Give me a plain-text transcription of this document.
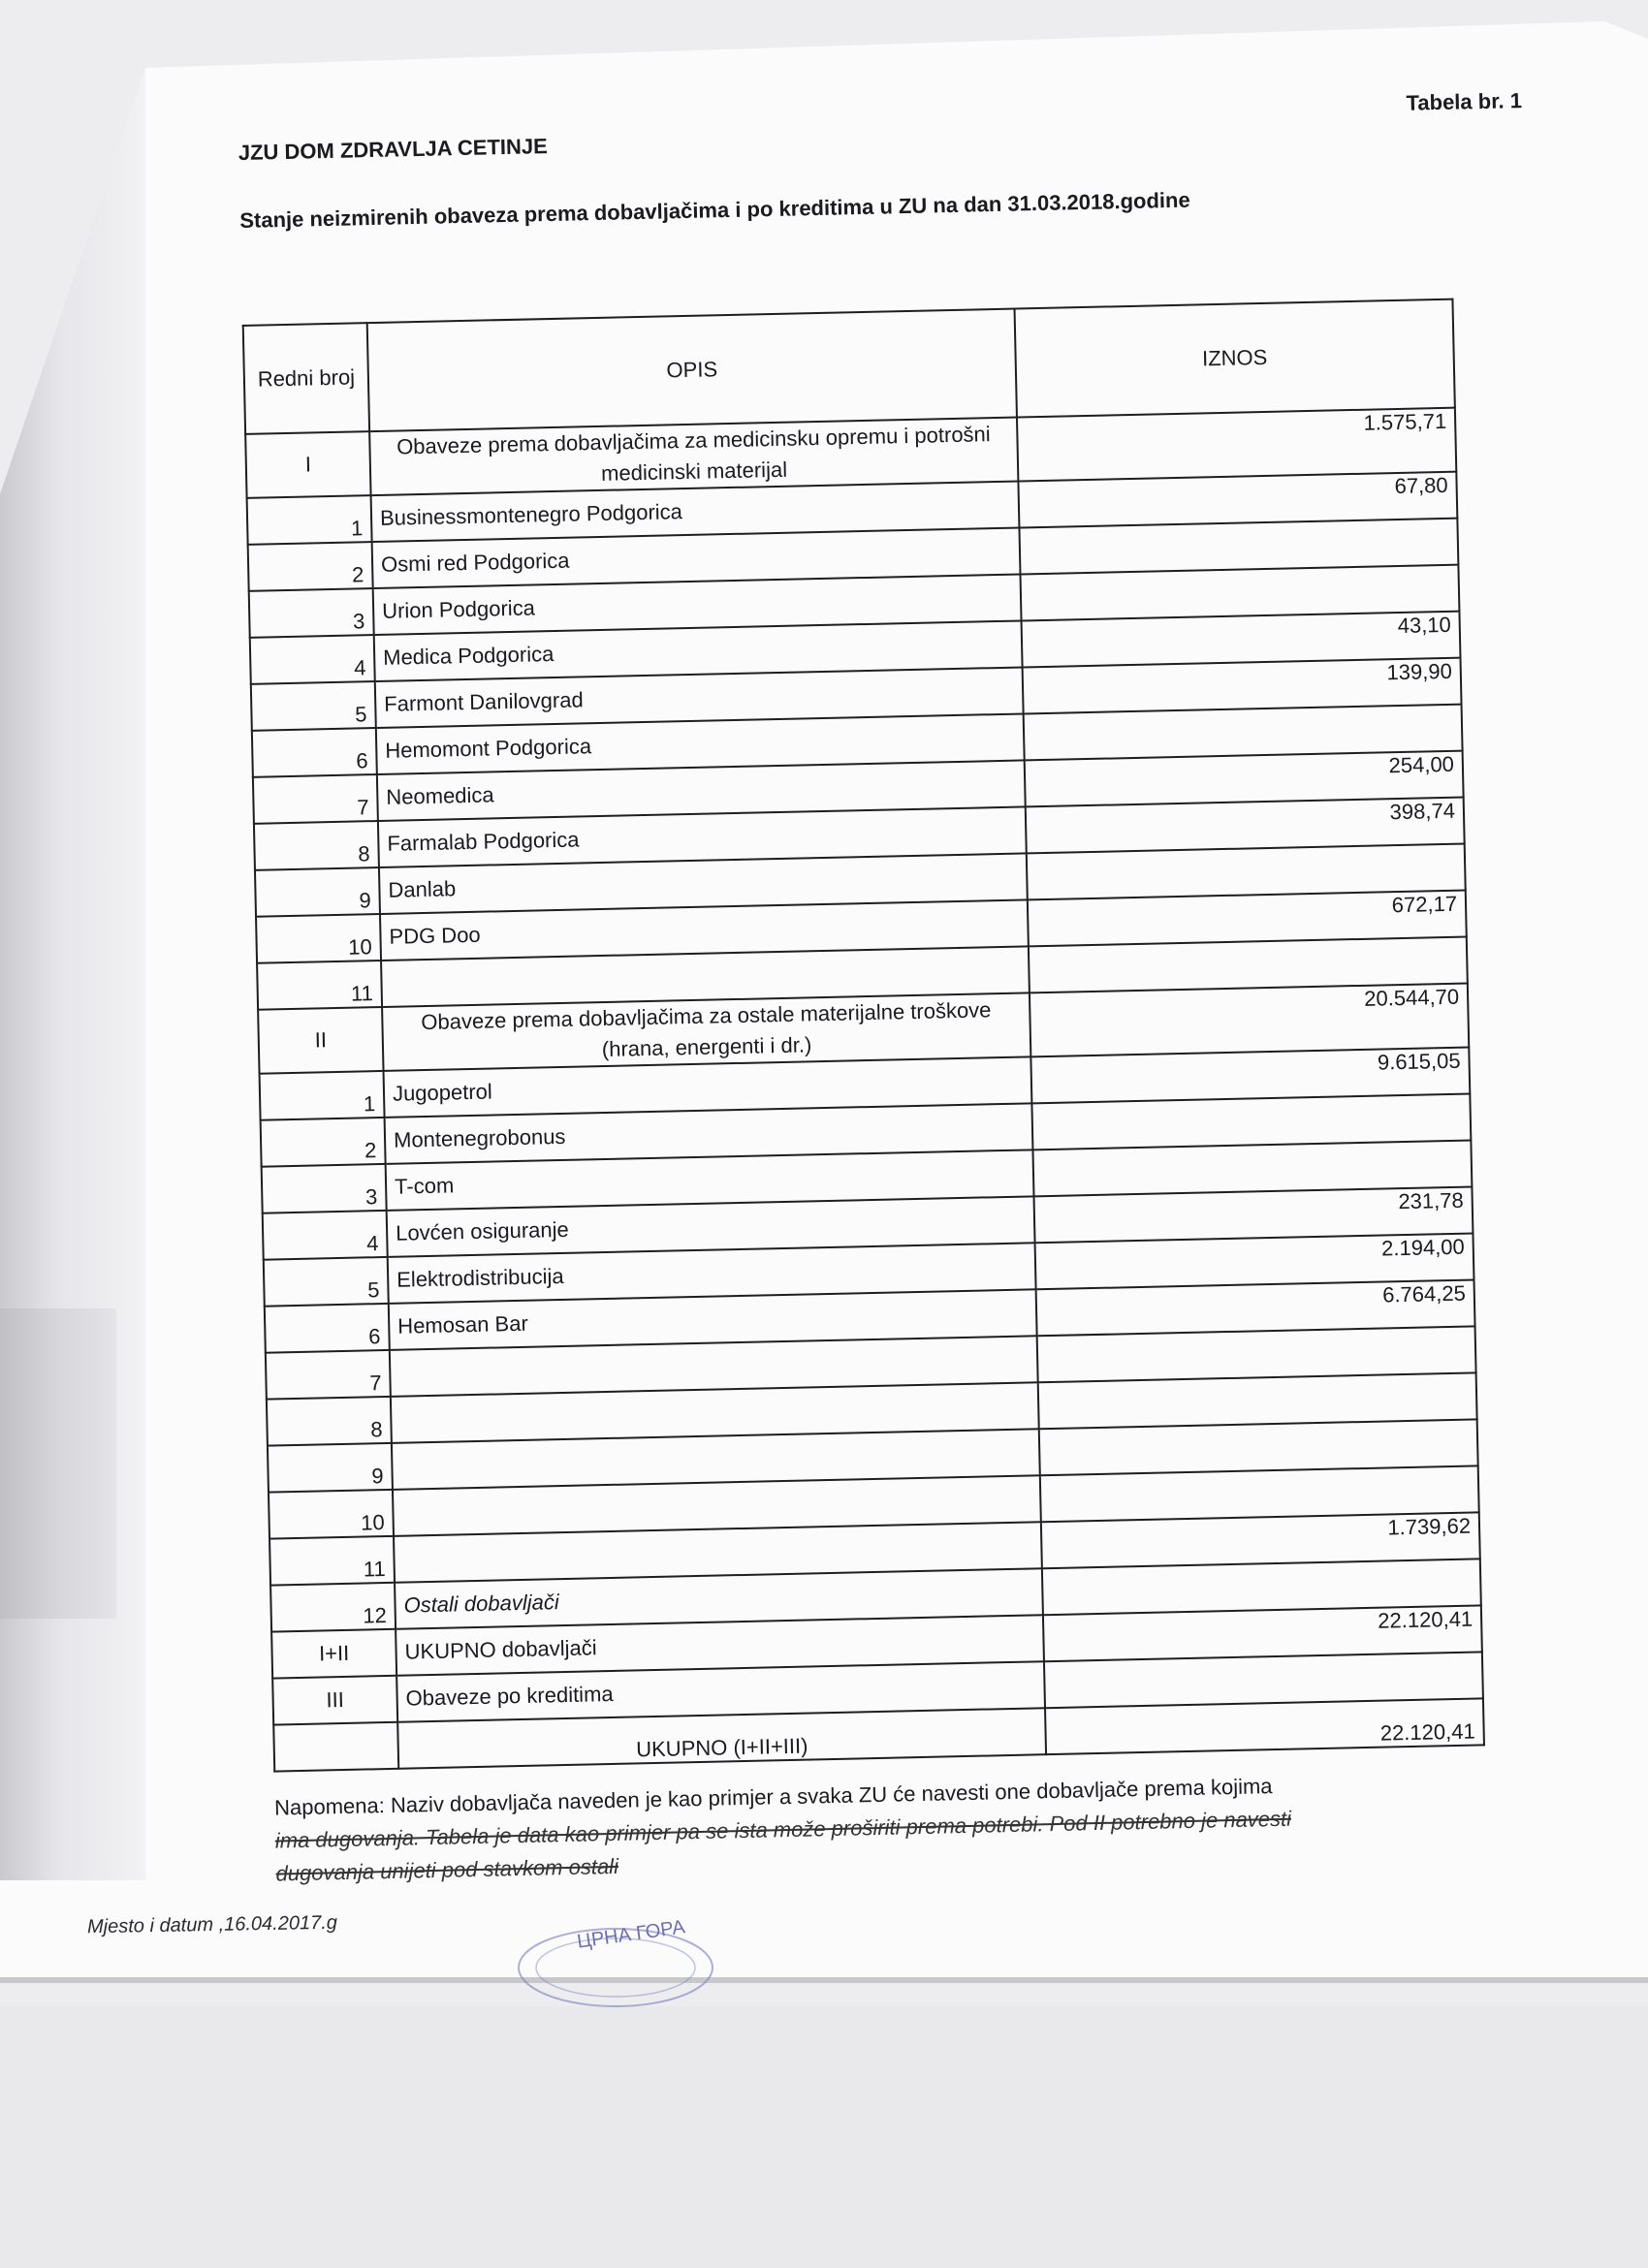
JZU DOM ZDRAVLJA CETINJE
Tabela br. 1
Stanje neizmirenih obaveza prema dobavljačima i po kreditima u ZU na dan 31.03.2018.godine
Redni broj	OPIS	IZNOS
I	Obaveze prema dobavljačima za medicinsku opremu i potrošni medicinski materijal	1.575,71
1	Businessmontenegro Podgorica	67,80
2	Osmi red Podgorica	
3	Urion Podgorica	
4	Medica Podgorica	43,10
5	Farmont Danilovgrad	139,90
6	Hemomont Podgorica	
7	Neomedica	254,00
8	Farmalab Podgorica	398,74
9	Danlab	
10	PDG Doo	672,17
11		
II	Obaveze prema dobavljačima za ostale materijalne troškove (hrana, energenti i dr.)	20.544,70
1	Jugopetrol	9.615,05
2	Montenegrobonus	
3	T-com	
4	Lovćen osiguranje	231,78
5	Elektrodistribucija	2.194,00
6	Hemosan Bar	6.764,25
7		
8		
9		
10		
11		1.739,62
12	Ostali dobavljači	
I+II	UKUPNO dobavljači	22.120,41
III	Obaveze po kreditima	
	UKUPNO (I+II+III)	22.120,41
Napomena: Naziv dobavljača naveden je kao primjer a svaka ZU će navesti one dobavljače prema kojima
ima dugovanja. Tabela je data kao primjer pa se ista može proširiti prema potrebi. Pod II potrebno je navesti
dugovanja unijeti pod stavkom ostali
Mjesto i datum ,16.04.2017.g	ЦРНА ГОРА
